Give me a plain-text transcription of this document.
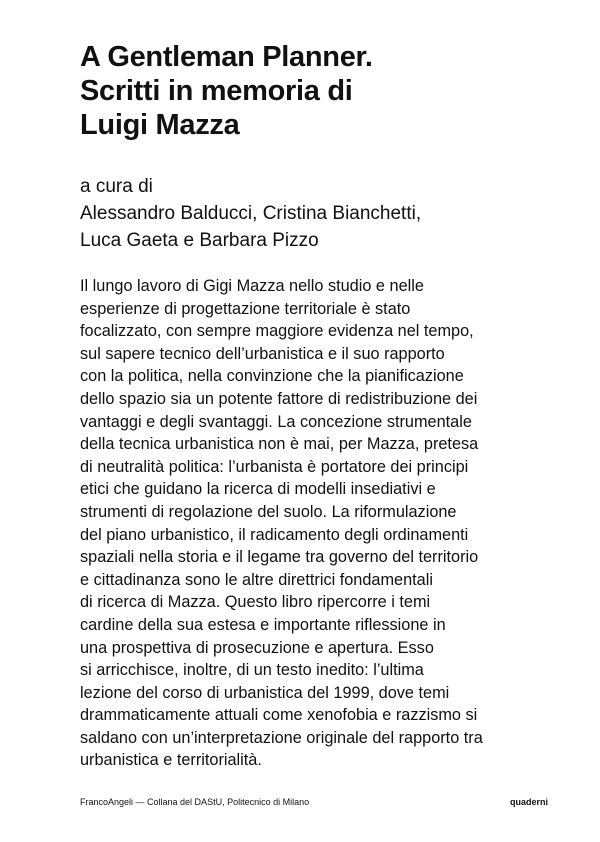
A Gentleman Planner.
Scritti in memoria di
Luigi Mazza
a cura di
Alessandro Balducci, Cristina Bianchetti,
Luca Gaeta e Barbara Pizzo
Il lungo lavoro di Gigi Mazza nello studio e nelle
esperienze di progettazione territoriale è stato
focalizzato, con sempre maggiore evidenza nel tempo,
sul sapere tecnico dell’urbanistica e il suo rapporto
con la politica, nella convinzione che la pianificazione
dello spazio sia un potente fattore di redistribuzione dei
vantaggi e degli svantaggi. La concezione strumentale
della tecnica urbanistica non è mai, per Mazza, pretesa
di neutralità politica: l’urbanista è portatore dei principi
etici che guidano la ricerca di modelli insediativi e
strumenti di regolazione del suolo. La riformulazione
del piano urbanistico, il radicamento degli ordinamenti
spaziali nella storia e il legame tra governo del territorio
e cittadinanza sono le altre direttrici fondamentali
di ricerca di Mazza. Questo libro ripercorre i temi
cardine della sua estesa e importante riflessione in
una prospettiva di prosecuzione e apertura. Esso
si arricchisce, inoltre, di un testo inedito: l’ultima
lezione del corso di urbanistica del 1999, dove temi
drammaticamente attuali come xenofobia e razzismo si
saldano con un’interpretazione originale del rapporto tra
urbanistica e territorialità.
FrancoAngeli — Collana del DAStU, Politecnico di Milano	quaderni
